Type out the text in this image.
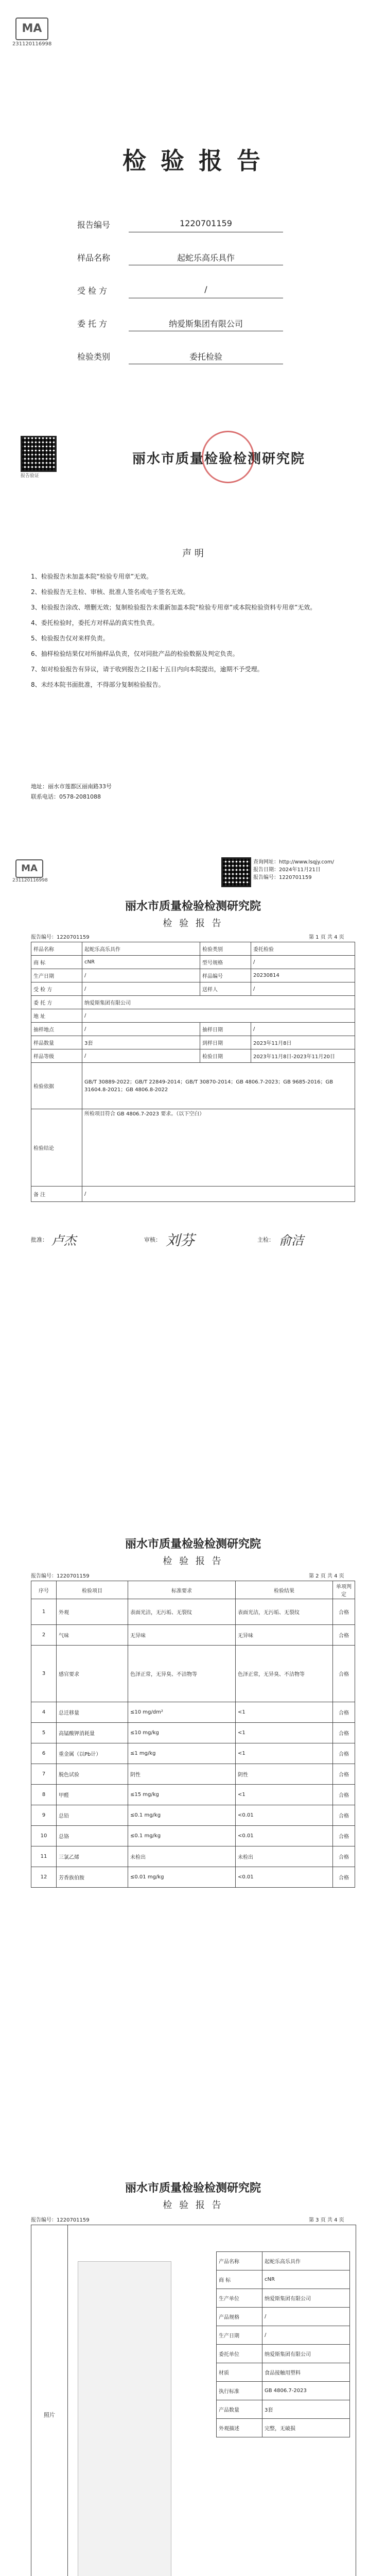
MA
231120116998
检 验 报 告
报告编号	1220701159
样品名称	起蛇乐高乐具作
受 检 方	/
委 托 方	纳爱斯集团有限公司
检验类别	委托检验
报告验证
丽水市质量检验检测研究院
声 明

1、检验报告未加盖本院“检验专用章”无效。

2、检验报告无主检、审核、批准人签名或电子签名无效。

3、检验报告涂改、增删无效；复制检验报告未重新加盖本院“检验专用章”或本院检验资料专用章”无效。

4、委托检验时，委托方对样品的真实性负责。

5、检验报告仅对来样负责。

6、抽样检验结果仅对所抽样品负责，仅对同批产品的检验数据及判定负责。

7、如对检验报告有异议，请于收到报告之日起十五日内向本院提出，逾期不予受理。

8、未经本院书面批准，不得部分复制检验报告。

地址：丽水市莲都区丽南路33号
联系电话：0578-2081088
MA
231120116998
查询网址：http://www.lsqjy.com/
报告日期：2024年11月21日
报告编号：1220701159
丽水市质量检验检测研究院
检 验 报 告
报告编号：1220701159	第 1 页 共 4 页
样品名称	起蛇乐高乐具作	检验类别	委托检验
商 标	cNR	型号规格	/
生产日期	/	样品编号	20230814
受 检 方	/	送样人	/
委 托 方	纳爱斯集团有限公司		
地 址	/		
抽样地点	/	抽样日期	/
样品数量	3套	到样日期	2023年11月8日
样品等级	/	检验日期	2023年11月8日-2023年11月20日
检验依据	GB/T 30889-2022；GB/T 22849-2014；GB/T 30870-2014；GB 4806.7-2023；GB 9685-2016；GB 31604.8-2021；GB 4806.8-2022		
检验结论	所检项目符合 GB 4806.7-2023 要求。（以下空白）		
备 注	/		
批准： 卢杰	审核： 刘芬	主检： 俞洁
丽水市质量检验检测研究院
检 验 报 告
报告编号：1220701159	第 2 页 共 4 页
序号	检验项目	标准要求	检验结果	单项判定
1	外观	表面光洁，无污垢、无裂纹	表面光洁，无污垢、无裂纹	合格
2	气味	无异味	无异味	合格
3	感官要求	色泽正常，无异臭、不洁物等	色泽正常，无异臭、不洁物等	合格
4	总迁移量	≤10 mg/dm²	<1	合格
5	高锰酸钾消耗量	≤10 mg/kg	<1	合格
6	重金属（以Pb计）	≤1 mg/kg	<1	合格
7	脱色试验	阴性	阴性	合格
8	甲醛	≤15 mg/kg	<1	合格
9	总铅	≤0.1 mg/kg	<0.01	合格
10	总铬	≤0.1 mg/kg	<0.01	合格
11	三氯乙烯	未检出	未检出	合格
12	芳香族伯胺	≤0.01 mg/kg	<0.01	合格
丽水市质量检验检测研究院
检 验 报 告
报告编号：1220701159	第 3 页 共 4 页
照片
产品名称	起蛇乐高乐具作
商 标	cNR
生产单位	纳爱斯集团有限公司
产品规格	/
生产日期	/
委托单位	纳爱斯集团有限公司
材质	食品接触用塑料
执行标准	GB 4806.7-2023
产品数量	3套
外观描述	完整，无破损
